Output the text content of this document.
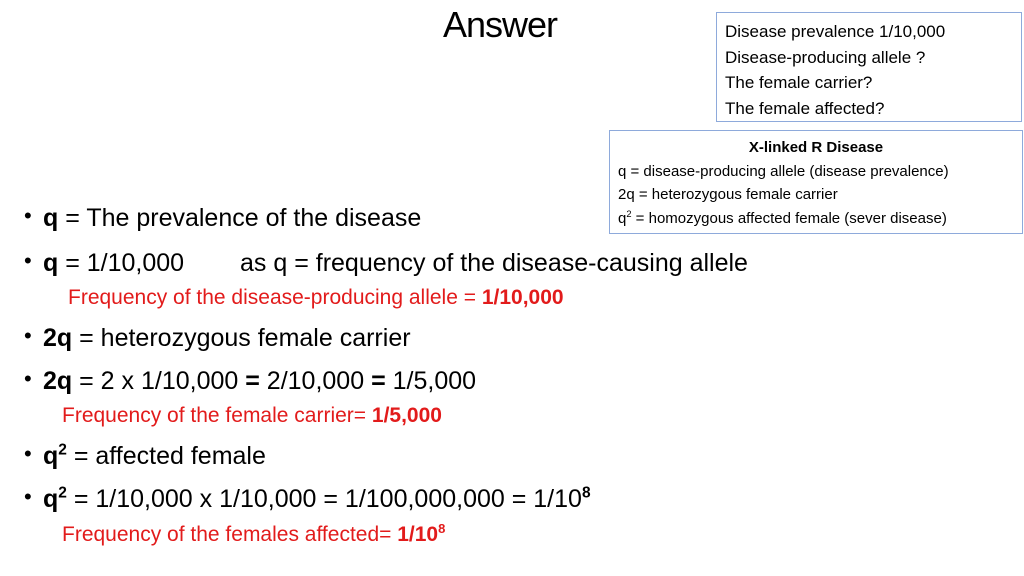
Answer	Disease prevalence 1/10,000
Disease-producing allele ?
The female carrier?
The female affected?
X-linked R Disease
q = disease-producing allele (disease prevalence)
2q = heterozygous female carrier
$q^2$ = homozygous affected female (sever disease)
• q = The prevalence of the disease
• q = 1/10,000 as q = frequency of the disease-causing allele
Frequency of the disease-producing allele = 1/10,000
• 2q = heterozygous female carrier
• 2q = 2 x 1/10,000 = 2/10,000 = 1/5,000
Frequency of the female carrier= 1/5,000
• $q^2$ = affected female
• $q^2 = 1/10,000$ x $1/10,000 = 1/100,000,000 = 1/10^8$
Frequency of the females affected= $1/10^8$
